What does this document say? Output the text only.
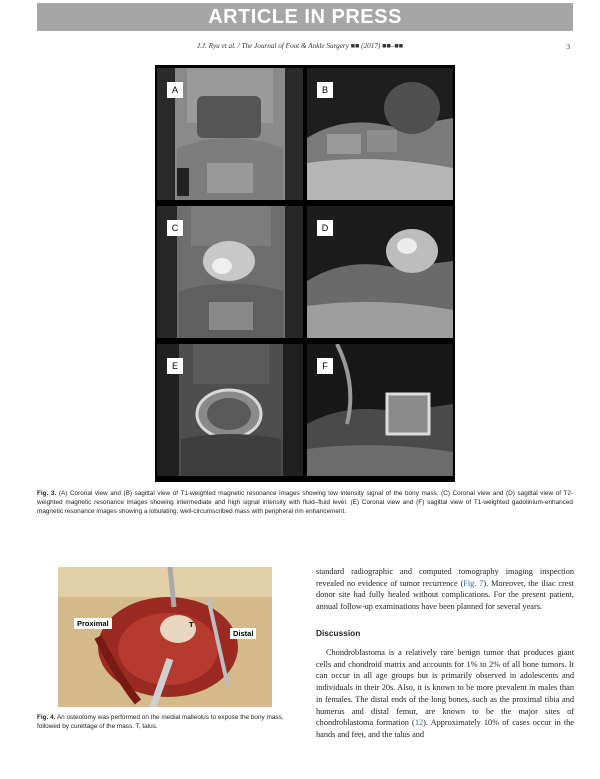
ARTICLE IN PRESS
J.J. Ryu et al. / The Journal of Foot & Ankle Surgery ■■ (2017) ■■–■■	3
A	B
C	D
E	F
Fig. 3. (A) Coronal view and (B) sagittal view of T1-weighted magnetic resonance images showing low intensity signal of the bony mass. (C) Coronal view and (D) sagittal view of T2-weighted magnetic resonance images showing intermediate and high signal intensity with fluid–fluid level. (E) Coronal view and (F) sagittal view of T1-weighted gadolinium-enhanced magnetic resonance images showing a lobulating, well-circumscribed mass with peripheral rim enhancement.
Proximal	T
Distal
Fig. 4. An osteotomy was performed on the medial malleolus to expose the bony mass, followed by curettage of the mass. T, talus.
standard radiographic and computed tomography imaging inspection revealed no evidence of tumor recurrence (Fig. 7). Moreover, the iliac crest donor site had fully healed without complications. For the present patient, annual follow-up examinations have been planned for several years.
Discussion
Chondroblastoma is a relatively rare benign tumor that produces giant cells and chondroid matrix and accounts for 1% to 2% of all bone tumors. It can occur in all age groups but is primarily observed in adolescents and individuals in their 20s. Also, it is known to be more prevalent in males than in females. The distal ends of the long bones, such as the proximal tibia and humerus and distal femur, are known to be the major sites of chondroblastoma formation (12). Approximately 10% of cases occur in the hands and feet, and the talus and
